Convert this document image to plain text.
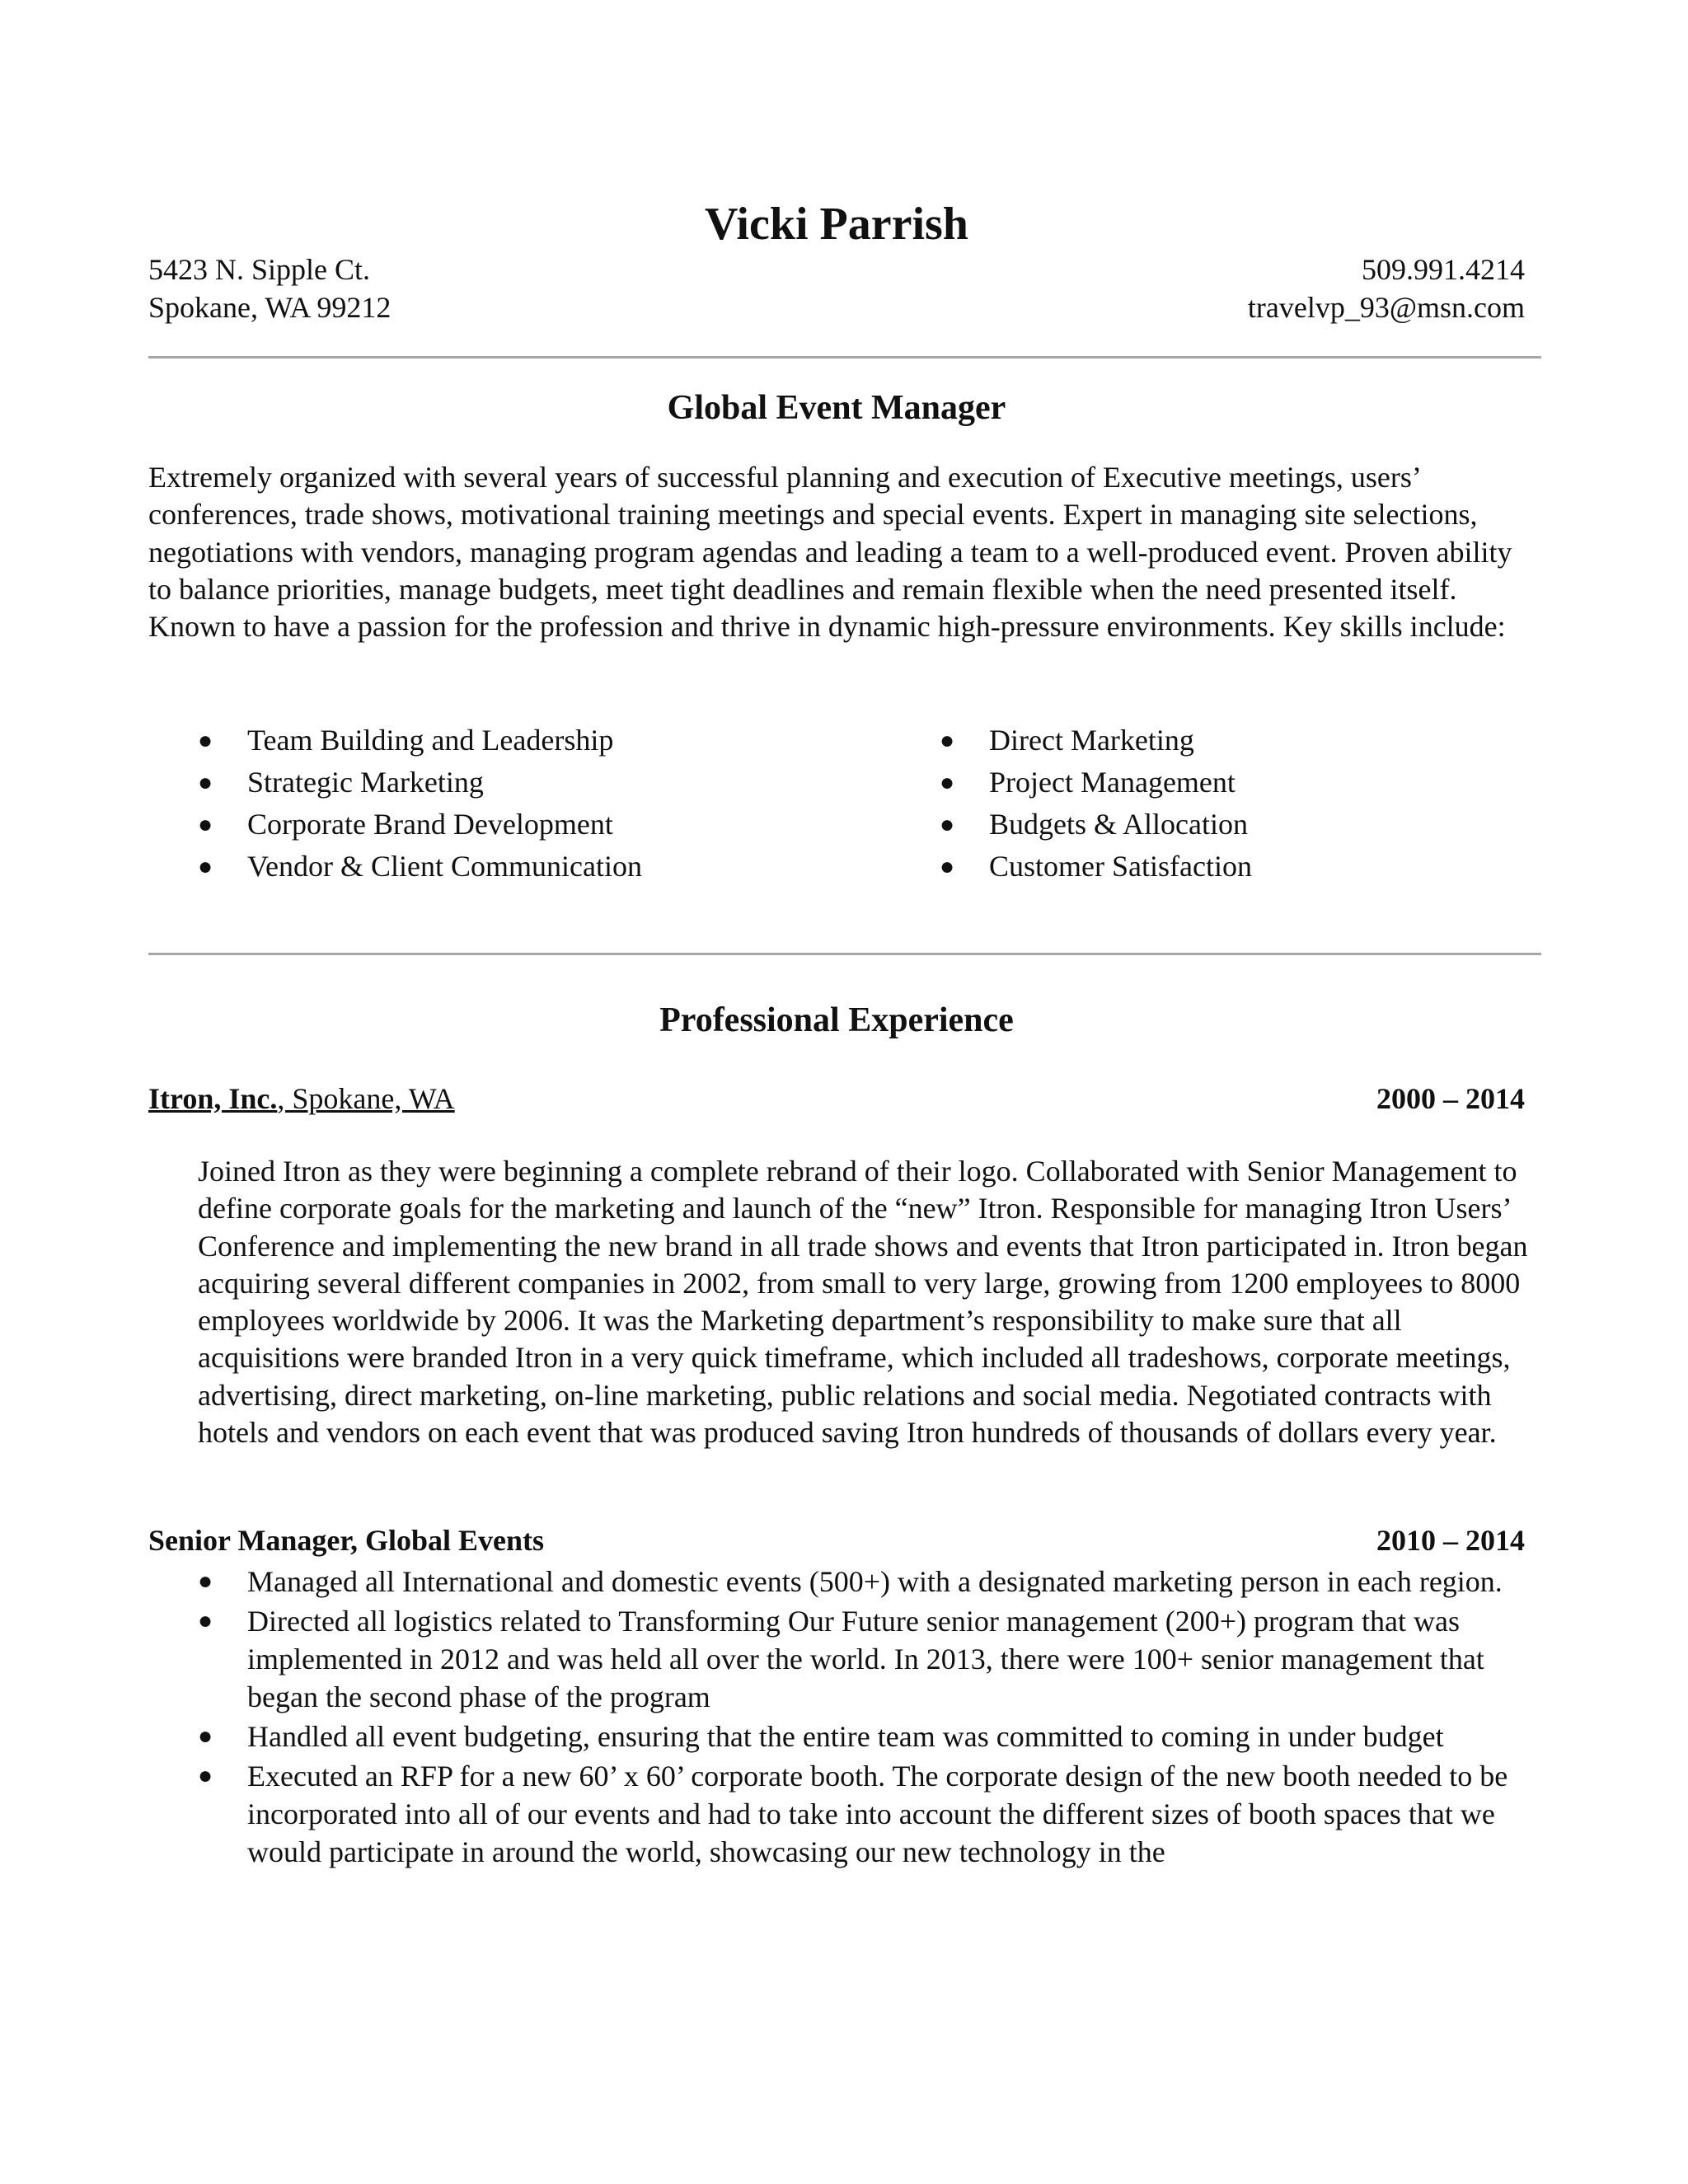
Vicki Parrish
5423 N. Sipple Ct.	509.991.4214
Spokane, WA 99212	travelvp_93@msn.com
Global Event Manager

Extremely organized with several years of successful planning and execution of Executive meetings, users’ conferences, trade shows, motivational training meetings and special events. Expert in managing site selections, negotiations with vendors, managing program agendas and leading a team to a well-produced event. Proven ability to balance priorities, manage budgets, meet tight deadlines and remain flexible when the need presented itself. Known to have a passion for the profession and thrive in dynamic high-pressure environments. Key skills include:

● Team Building and Leadership
● Strategic Marketing
● Corporate Brand Development
● Vendor & Client Communication
● Direct Marketing
● Project Management
● Budgets & Allocation
● Customer Satisfaction
Professional Experience
Itron, Inc., Spokane, WA	2000 – 2014

Joined Itron as they were beginning a complete rebrand of their logo. Collaborated with Senior Management to define corporate goals for the marketing and launch of the “new” Itron. Responsible for managing Itron Users’ Conference and implementing the new brand in all trade shows and events that Itron participated in. Itron began acquiring several different companies in 2002, from small to very large, growing from 1200 employees to 8000 employees worldwide by 2006. It was the Marketing department’s responsibility to make sure that all acquisitions were branded Itron in a very quick timeframe, which included all tradeshows, corporate meetings, advertising, direct marketing, on-line marketing, public relations and social media. Negotiated contracts with hotels and vendors on each event that was produced saving Itron hundreds of thousands of dollars every year.

Senior Manager, Global Events	2010 – 2014
● Managed all International and domestic events (500+) with a designated marketing person in each region.
● Directed all logistics related to Transforming Our Future senior management (200+) program that was implemented in 2012 and was held all over the world. In 2013, there were 100+ senior management that began the second phase of the program
● Handled all event budgeting, ensuring that the entire team was committed to coming in under budget
● Executed an RFP for a new 60’ x 60’ corporate booth. The corporate design of the new booth needed to be incorporated into all of our events and had to take into account the different sizes of booth spaces that we would participate in around the world, showcasing our new technology in the
